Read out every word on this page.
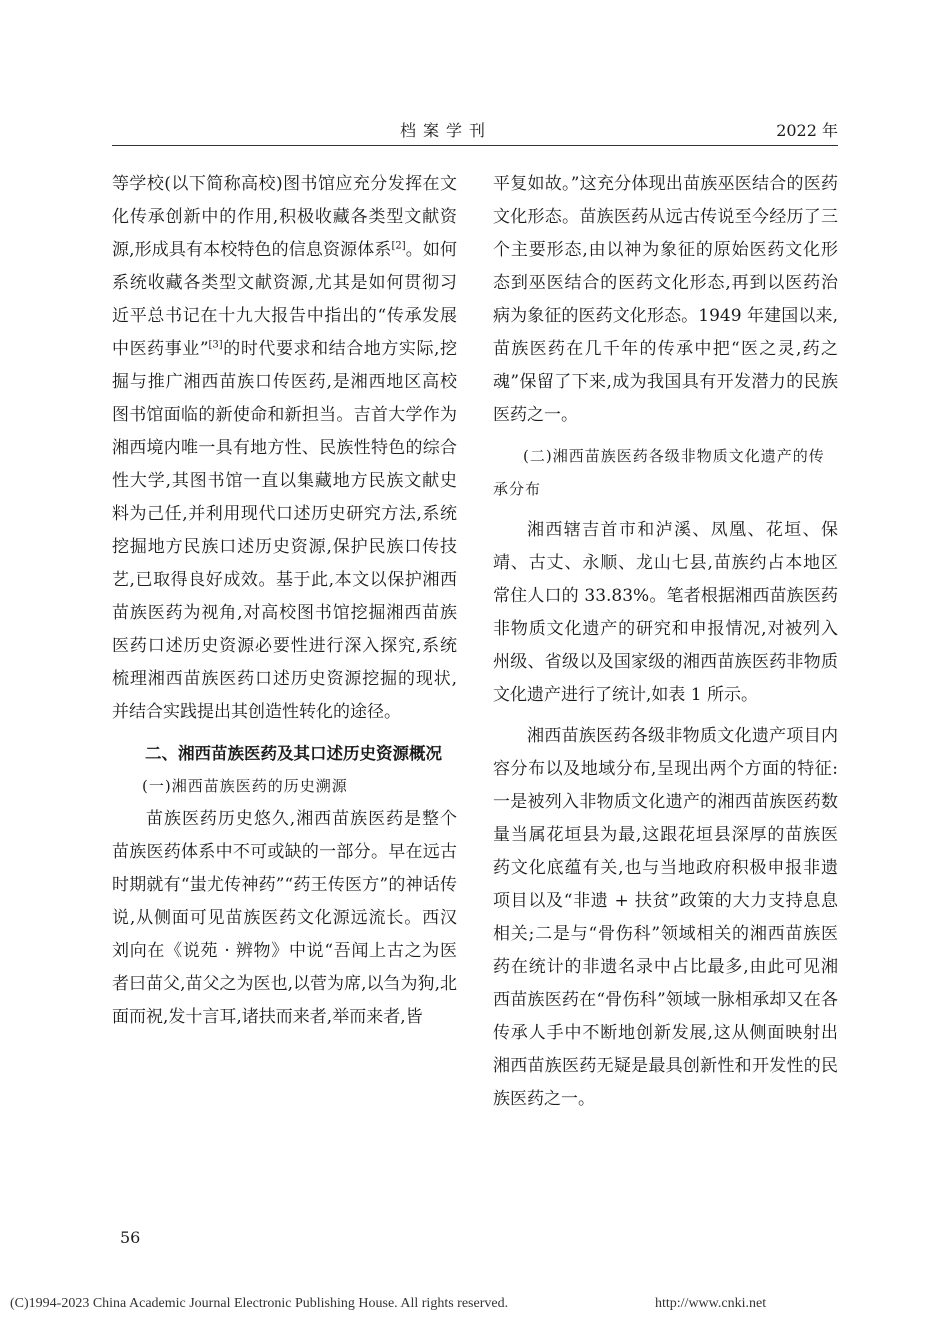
档案学刊	2022 年

等学校(以下简称高校)图书馆应充分发挥在文化传承创新中的作用,积极收藏各类型文献资源,形成具有本校特色的信息资源体系[2]。如何系统收藏各类型文献资源,尤其是如何贯彻习近平总书记在十九大报告中指出的“传承发展中医药事业”[3]的时代要求和结合地方实际,挖掘与推广湘西苗族口传医药,是湘西地区高校图书馆面临的新使命和新担当。吉首大学作为湘西境内唯一具有地方性、民族性特色的综合性大学,其图书馆一直以集藏地方民族文献史料为己任,并利用现代口述历史研究方法,系统挖掘地方民族口述历史资源,保护民族口传技艺,已取得良好成效。基于此,本文以保护湘西苗族医药为视角,对高校图书馆挖掘湘西苗族医药口述历史资源必要性进行深入探究,系统梳理湘西苗族医药口述历史资源挖掘的现状,并结合实践提出其创造性转化的途径。

二、湘西苗族医药及其口述历史资源概况

(一)湘西苗族医药的历史溯源

苗族医药历史悠久,湘西苗族医药是整个苗族医药体系中不可或缺的一部分。早在远古时期就有“蚩尤传神药”“药王传医方”的神话传说,从侧面可见苗族医药文化源远流长。西汉刘向在《说苑 · 辨物》中说“吾闻上古之为医者曰苗父,苗父之为医也,以菅为席,以刍为狗,北面而祝,发十言耳,诸扶而来者,举而来者,皆

平复如故。”这充分体现出苗族巫医结合的医药文化形态。苗族医药从远古传说至今经历了三个主要形态,由以神为象征的原始医药文化形态到巫医结合的医药文化形态,再到以医药治病为象征的医药文化形态。1949 年建国以来,苗族医药在几千年的传承中把“医之灵,药之魂”保留了下来,成为我国具有开发潜力的民族医药之一。

(二)湘西苗族医药各级非物质文化遗产的传承分布

湘西辖吉首市和泸溪、凤凰、花垣、保靖、古丈、永顺、龙山七县,苗族约占本地区常住人口的 33.83%。笔者根据湘西苗族医药非物质文化遗产的研究和申报情况,对被列入州级、省级以及国家级的湘西苗族医药非物质文化遗产进行了统计,如表 1 所示。

湘西苗族医药各级非物质文化遗产项目内容分布以及地域分布,呈现出两个方面的特征:一是被列入非物质文化遗产的湘西苗族医药数量当属花垣县为最,这跟花垣县深厚的苗族医药文化底蕴有关,也与当地政府积极申报非遗项目以及“非遗 + 扶贫”政策的大力支持息息相关;二是与“骨伤科”领域相关的湘西苗族医药在统计的非遗名录中占比最多,由此可见湘西苗族医药在“骨伤科”领域一脉相承却又在各传承人手中不断地创新发展,这从侧面映射出湘西苗族医药无疑是最具创新性和开发性的民族医药之一。

56
(C)1994-2023 China Academic Journal Electronic Publishing House. All rights reserved.	http://www.cnki.net
